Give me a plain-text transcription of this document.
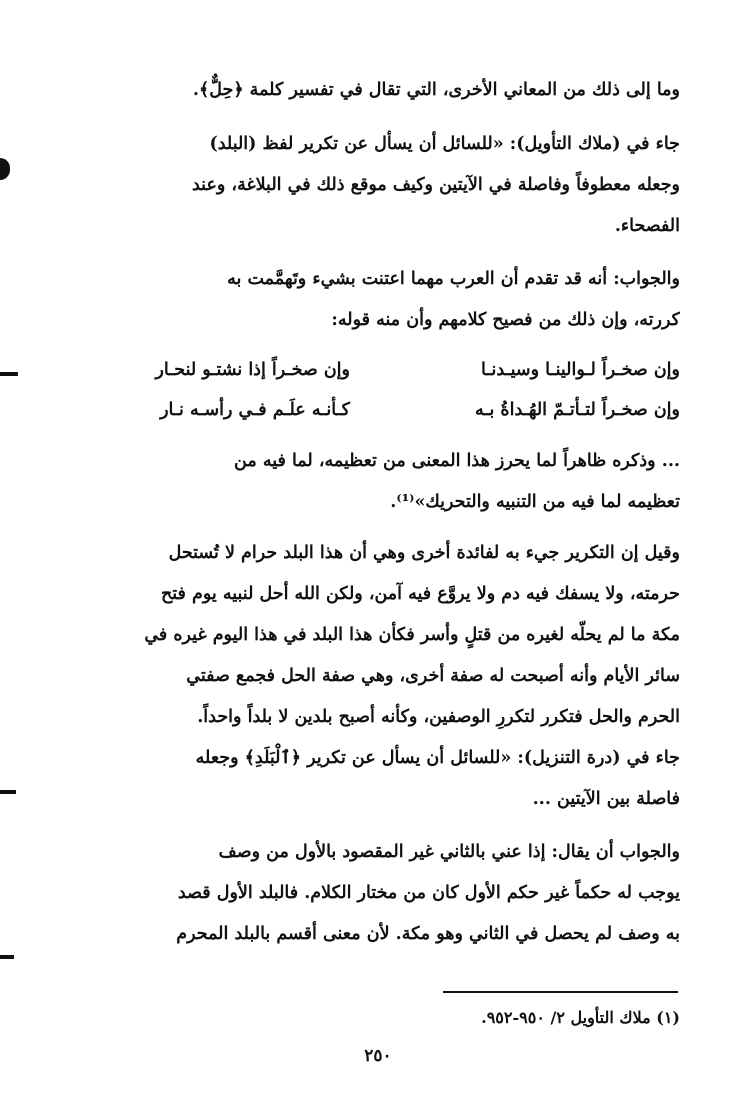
وما إلى ذلك من المعاني الأخرى، التي تقال في تفسير كلمة ﴿حِلٌّ﴾.
جاء في (ملاك التأويل): «للسائل أن يسأل عن تكرير لفظ (البلد)
وجعله معطوفاً وفاصلة في الآيتين وكيف موقع ذلك في البلاغة، وعند
الفصحاء.
والجواب: أنه قد تقدم أن العرب مهما اعتنت بشيء وتَهمَّمت به
كررته، وإن ذلك من فصيح كلامهم وأن منه قوله:
وإن صخـراً لـوالينـا وسيـدنـا
وإن صخـراً إذا نشتـو لنحـار
وإن صخـراً لتـأتـمّ الهُـداةُ بـه
كـأنـه علَـم فـي رأسـه نـار
... وذكره ظاهراً لما يحرز هذا المعنى من تعظيمه، لما فيه من
تعظيمه لما فيه من التنبيه والتحريك»⁽¹⁾.
وقيل إن التكرير جيء به لفائدة أخرى وهي أن هذا البلد حرام لا تُستحل
حرمته، ولا يسفك فيه دم ولا يروَّع فيه آمن، ولكن الله أحل لنبيه يوم فتح
مكة ما لم يحلّه لغيره من قتلٍ وأسر فكأن هذا البلد في هذا اليوم غيره في
سائر الأيام وأنه أصبحت له صفة أخرى، وهي صفة الحل فجمع صفتي
الحرم والحل فتكرر لتكررِ الوصفين، وكأنه أصبح بلدين لا بلداً واحداً.
جاء في (درة التنزيل): «للسائل أن يسأل عن تكرير ﴿ٱلْبَلَدِ﴾ وجعله
فاصلة بين الآيتين ...
والجواب أن يقال: إذا عني بالثاني غير المقصود بالأول من وصف
يوجب له حكماً غير حكم الأول كان من مختار الكلام. فالبلد الأول قصد
به وصف لم يحصل في الثاني وهو مكة. لأن معنى أقسم بالبلد المحرم
(١) ملاك التأويل ٢/ ٩٥٠-٩٥٢.
٢٥٠
